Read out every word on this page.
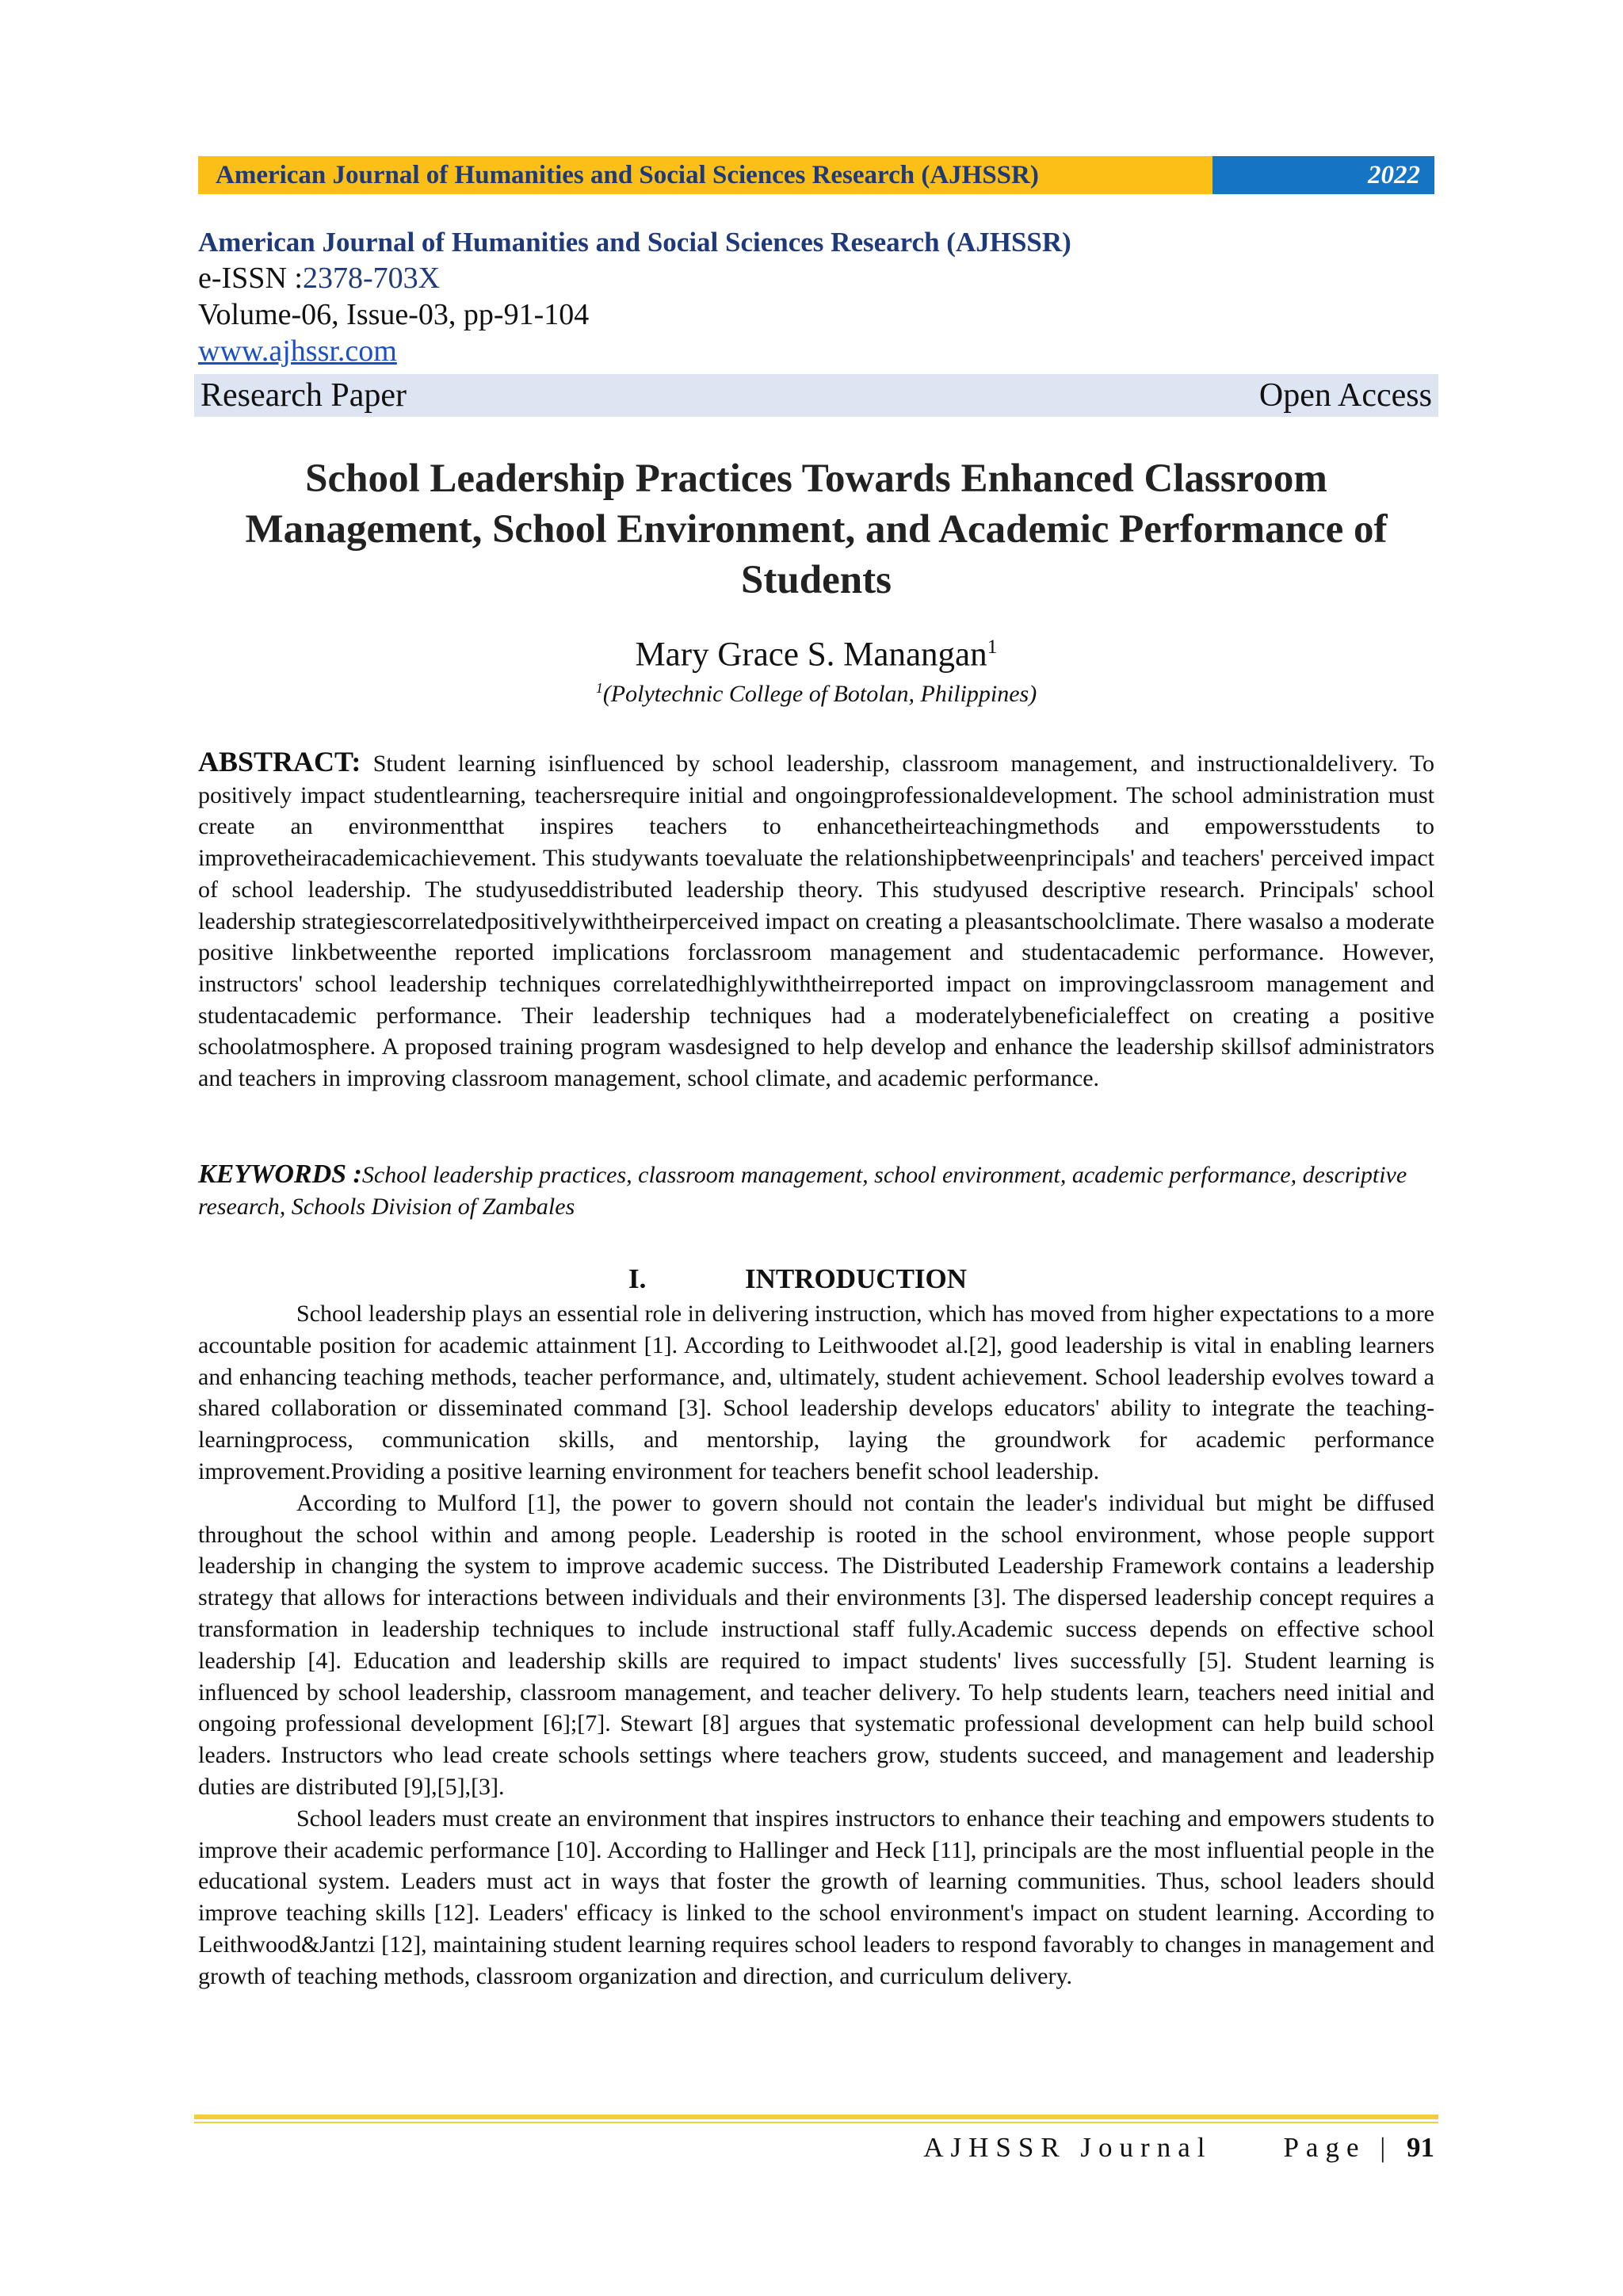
American Journal of Humanities and Social Sciences Research (AJHSSR)	2022
American Journal of Humanities and Social Sciences Research (AJHSSR)
e-ISSN :2378-703X
Volume-06, Issue-03, pp-91-104
www.ajhssr.com
Research Paper	Open Access
School Leadership Practices Towards Enhanced Classroom Management, School Environment, and Academic Performance of Students
Mary Grace S. Manangan$^1$
$^1$(Polytechnic College of Botolan, Philippines)
ABSTRACT: Student learning isinfluenced by school leadership, classroom management, and instructionaldelivery. To positively impact studentlearning, teachersrequire initial and ongoingprofessionaldevelopment. The school administration must create an environmentthat inspires teachers to enhancetheirteachingmethods and empowersstudents to improvetheiracademicachievement. This studywants toevaluate the relationshipbetweenprincipals' and teachers' perceived impact of school leadership. The studyuseddistributed leadership theory. This studyused descriptive research. Principals' school leadership strategiescorrelatedpositivelywiththeirperceived impact on creating a pleasantschoolclimate. There wasalso a moderate positive linkbetweenthe reported implications forclassroom management and studentacademic performance. However, instructors' school leadership techniques correlatedhighlywiththeirreported impact on improvingclassroom management and studentacademic performance. Their leadership techniques had a moderatelybeneficialeffect on creating a positive schoolatmosphere. A proposed training program wasdesigned to help develop and enhance the leadership skillsof administrators and teachers in improving classroom management, school climate, and academic performance.
KEYWORDS :School leadership practices, classroom management, school environment, academic performance, descriptive research, Schools Division of Zambales
I.	INTRODUCTION

School leadership plays an essential role in delivering instruction, which has moved from higher expectations to a more accountable position for academic attainment [1]. According to Leithwoodet al.[2], good leadership is vital in enabling learners and enhancing teaching methods, teacher performance, and, ultimately, student achievement. School leadership evolves toward a shared collaboration or disseminated command [3]. School leadership develops educators' ability to integrate the teaching-learningprocess, communication skills, and mentorship, laying the groundwork for academic performance improvement.Providing a positive learning environment for teachers benefit school leadership.

According to Mulford [1], the power to govern should not contain the leader's individual but might be diffused throughout the school within and among people. Leadership is rooted in the school environment, whose people support leadership in changing the system to improve academic success. The Distributed Leadership Framework contains a leadership strategy that allows for interactions between individuals and their environments [3]. The dispersed leadership concept requires a transformation in leadership techniques to include instructional staff fully.Academic success depends on effective school leadership [4]. Education and leadership skills are required to impact students' lives successfully [5]. Student learning is influenced by school leadership, classroom management, and teacher delivery. To help students learn, teachers need initial and ongoing professional development [6];[7]. Stewart [8] argues that systematic professional development can help build school leaders. Instructors who lead create schools settings where teachers grow, students succeed, and management and leadership duties are distributed [9],[5],[3].

School leaders must create an environment that inspires instructors to enhance their teaching and empowers students to improve their academic performance [10]. According to Hallinger and Heck [11], principals are the most influential people in the educational system. Leaders must act in ways that foster the growth of learning communities. Thus, school leaders should improve teaching skills [12]. Leaders' efficacy is linked to the school environment's impact on student learning. According to Leithwood&Jantzi [12], maintaining student learning requires school leaders to respond favorably to changes in management and growth of teaching methods, classroom organization and direction, and curriculum delivery.

AJHSSR Journal	Page |
91
